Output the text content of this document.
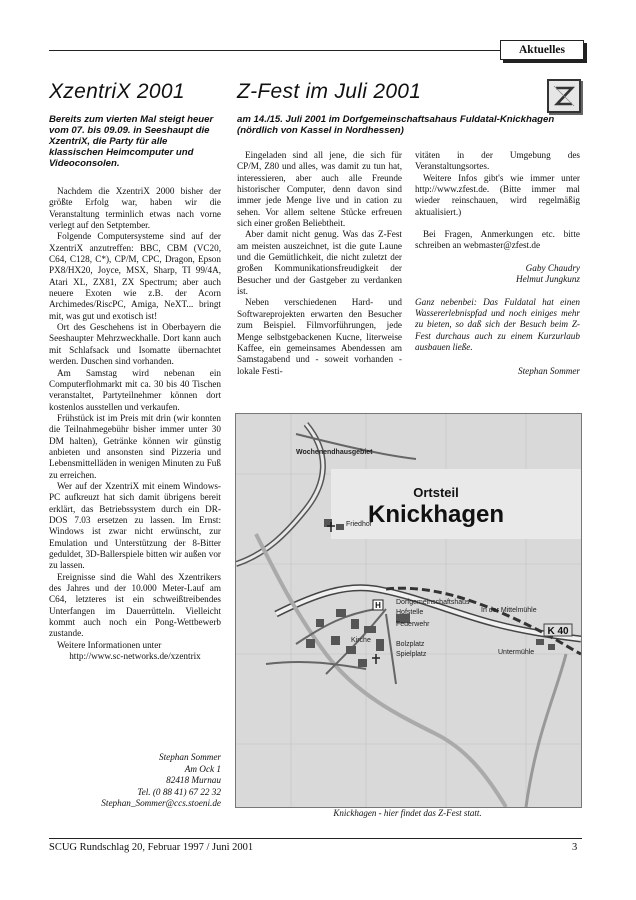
Aktuelles
XzentriX 2001
Bereits zum vierten Mal steigt heuer vom 07. bis 09.09. in Seeshaupt die XzentriX, die Party für alle klassischen Heimcomputer und Videoconsolen.

Nachdem die XzentriX 2000 bisher der größte Erfolg war, haben wir die Veranstaltung terminlich etwas nach vorne verlegt auf den Setptember.

Folgende Computersysteme sind auf der XzentriX anzutreffen: BBC, CBM (VC20, C64, C128, C*), CP/M, CPC, Dragon, Epson PX8/HX20, Joyce, MSX, Sharp, TI 99/4A, Atari XL, ZX81, ZX Spectrum; aber auch neuere Exoten wie z.B. der Acorn Archimedes/RiscPC, Amiga, NeXT... bringt mit, was gut und exotisch ist!

Ort des Geschehens ist in Oberbayern die Seeshaupter Mehrzweckhalle. Dort kann auch mit Schlafsack und Isomatte übernachtet werden. Duschen sind vorhanden.

Am Samstag wird nebenan ein Computerflohmarkt mit ca. 30 bis 40 Tischen veranstaltet, Partyteilnehmer können dort kostenlos ausstellen und verkaufen.

Frühstück ist im Preis mit drin (wir konnten die Teilnahmegebühr bisher immer unter 30 DM halten), Getränke können wir günstig anbieten und ansonsten sind Pizzeria und Lebensmittelläden in wenigen Minuten zu Fuß zu erreichen.

Wer auf der XzentriX mit einem Windows-PC aufkreuzt hat sich damit übrigens bereit erklärt, das Betriebssystem durch ein DR-DOS 7.03 ersetzen zu lassen. Im Ernst: Windows ist zwar nicht erwünscht, zur Emulation und Unterstützung der 8-Bitter geduldet, 3D-Ballerspiele bitten wir außen vor zu lassen.

Ereignisse sind die Wahl des Xzentrikers des Jahres und der 10.000 Meter-Lauf am C64, letzteres ist ein schweißtreibendes Unterfangen im Dauerrütteln. Vielleicht kommt auch noch ein Pong-Wettbewerb zustande.

Weitere Informationen unter

http://www.sc-networks.de/xzentrix

Stephan Sommer
Am Ock 1
82418 Murnau
Tel. (0 88 41) 67 22 32
Stephan_Sommer@ccs.stoeni.de
Z-Fest im Juli 2001
am 14./15. Juli 2001 im Dorfgemeinschaftsahaus Fuldatal-Knickhagen (nördlich von Kassel in Nordhessen)

Eingeladen sind all jene, die sich für CP/M, Z80 und alles, was damit zu tun hat, interessieren, aber auch alle Freunde historischer Computer, denn davon sind immer jede Menge live und in cation zu sehen. Vor allem seltene Stücke erfreuen sich einer großen Beliebtheit.

Aber damit nicht genug. Was das Z-Fest am meisten auszeichnet, ist die gute Laune und die Gemütlichkeit, die nicht zuletzt der großen Kommunikationsfreudigkeit der Besucher und der Gastgeber zu verdanken ist.

Neben verschiedenen Hard- und Softwareprojekten erwarten den Besucher zum Beispiel. Filmvorführungen, jede Menge selbstgebackenen Kucne, literweise Kaffee, ein gemeinsames Abendessen am Samstagabend und - soweit vorhanden - lokale Festi-

vitäten in der Umgebung des Veranstaltungsortes.

Weitere Infos gibt's wie immer unter http://www.zfest.de. (Bitte immer mal wieder reinschauen, wird regelmäßig aktualisiert.)

Bei Fragen, Anmerkungen etc. bitte schreiben an webmaster@zfest.de

Gaby Chaudry
Helmut Jungkunz

Ganz nebenbei: Das Fuldatal hat einen Wassererlebnispfad und noch einiges mehr zu bieten, so daß sich der Besuch beim Z-Fest durchaus auch zu einem Kurzurlaub ausbauen ließe.

Stephan Sommer
H
K 40
Ortsteil
Knickhagen
Wochenendhausgebiet
Friedhof
Dorfgemeinschaftshaus
Hofstelle
Feuerwehr
Kirche
Bolzplatz
Spielplatz
In der Mittelmühle
Untermühle
Knickhagen - hier findet das Z-Fest statt.
SCUG Rundschlag 20, Februar 1997 / Juni 2001	3
